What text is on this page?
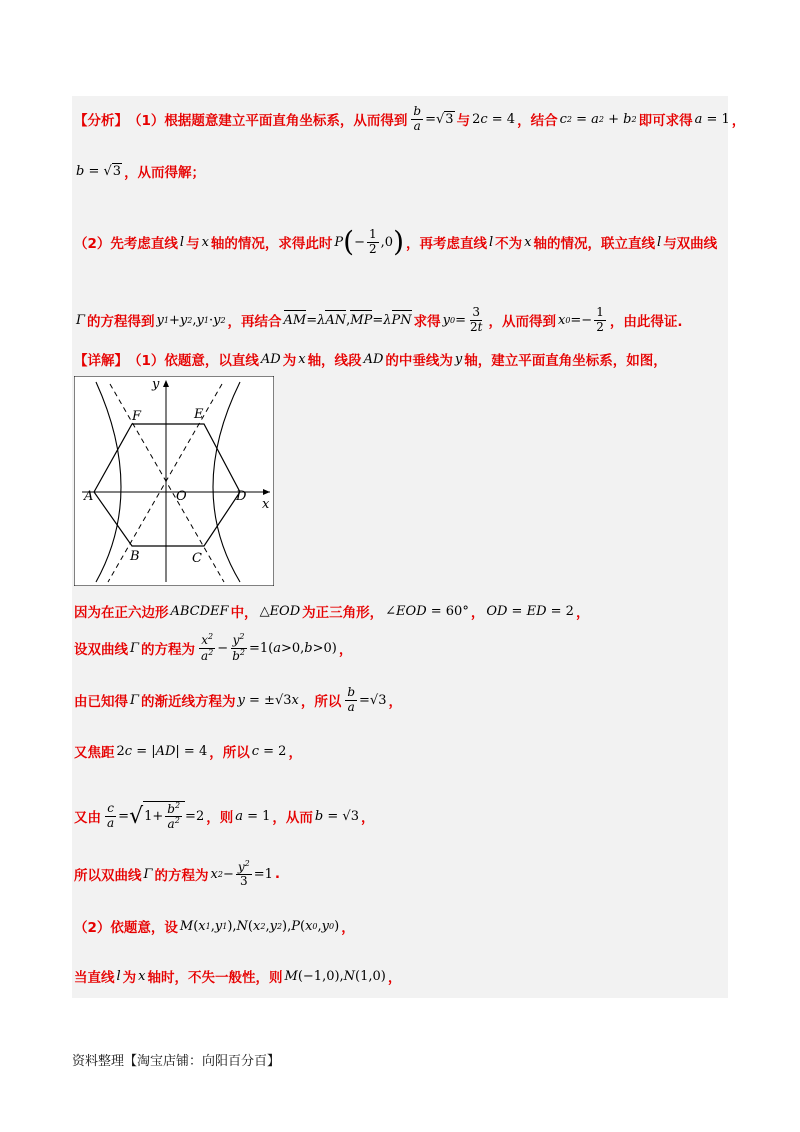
【分析】 （1）根据题意建立平面直角坐标系，从而得到 $\frac{b}{a}$ = √ 3 与 2 c = 4 ，结合 c 2 = a 2 + b 2 即可求得 a = 1 ，
b = √ 3 ，从而得解；
（2）先考虑直线 l 与 x 轴的情况，求得此时 P ( − $\frac{1}{2} ,0$ ) ，再考虑直线 l 不为 x 轴的情况，联立直线 l 与双曲线
Γ 的方程得到 y 1 + y 2 , y 1 · y 2 ，再结合 AM = λ AN , MP = λ PN 求得 y $0 = \frac{3}{2t}$ ，从而得到 x $0 =- \frac{1}{2}$ ，由此得证.
【详解】 （1）依题意，以直线 AD 为 x 轴，线段 AD 的中垂线为 y 轴，建立平面直角坐标系，如图，
y
x
F	E
A	O	D
B	C
因为在正六边形 ABCDEF 中， △ EOD 为正三角形， ∠ EOD = 60° ， OD = ED = 2 ，
设双曲线 Γ 的方程为 $\frac{x^2}{a^2} - \frac{y^2}{b^2} =1$( a >0, b >0) ，
由已知得 Γ 的渐近线方程为 y = ±√3 x ，所以 $\frac{b}{a} =√3$ ，
又焦距 2 c = | AD | = 4 ，所以 c = 2 ，
又由 $\frac{c}{a}$ = √ $1+ \frac{b^2}{a^2} =2$ ，则 a = 1 ，从而 b = √3 ，
所以双曲线 Γ 的方程为 x $2 - \frac{y^2}{3} =1$ .
（2）依题意，设 M ( x 1 , y 1 ), N ( x 2 , y 2 ), P ( x 0 , y 0 ) ，
当直线 l 为 x 轴时，不失一般性，则 M (−1,0), N (1,0) ，
资料整理【淘宝店铺：向阳百分百】
